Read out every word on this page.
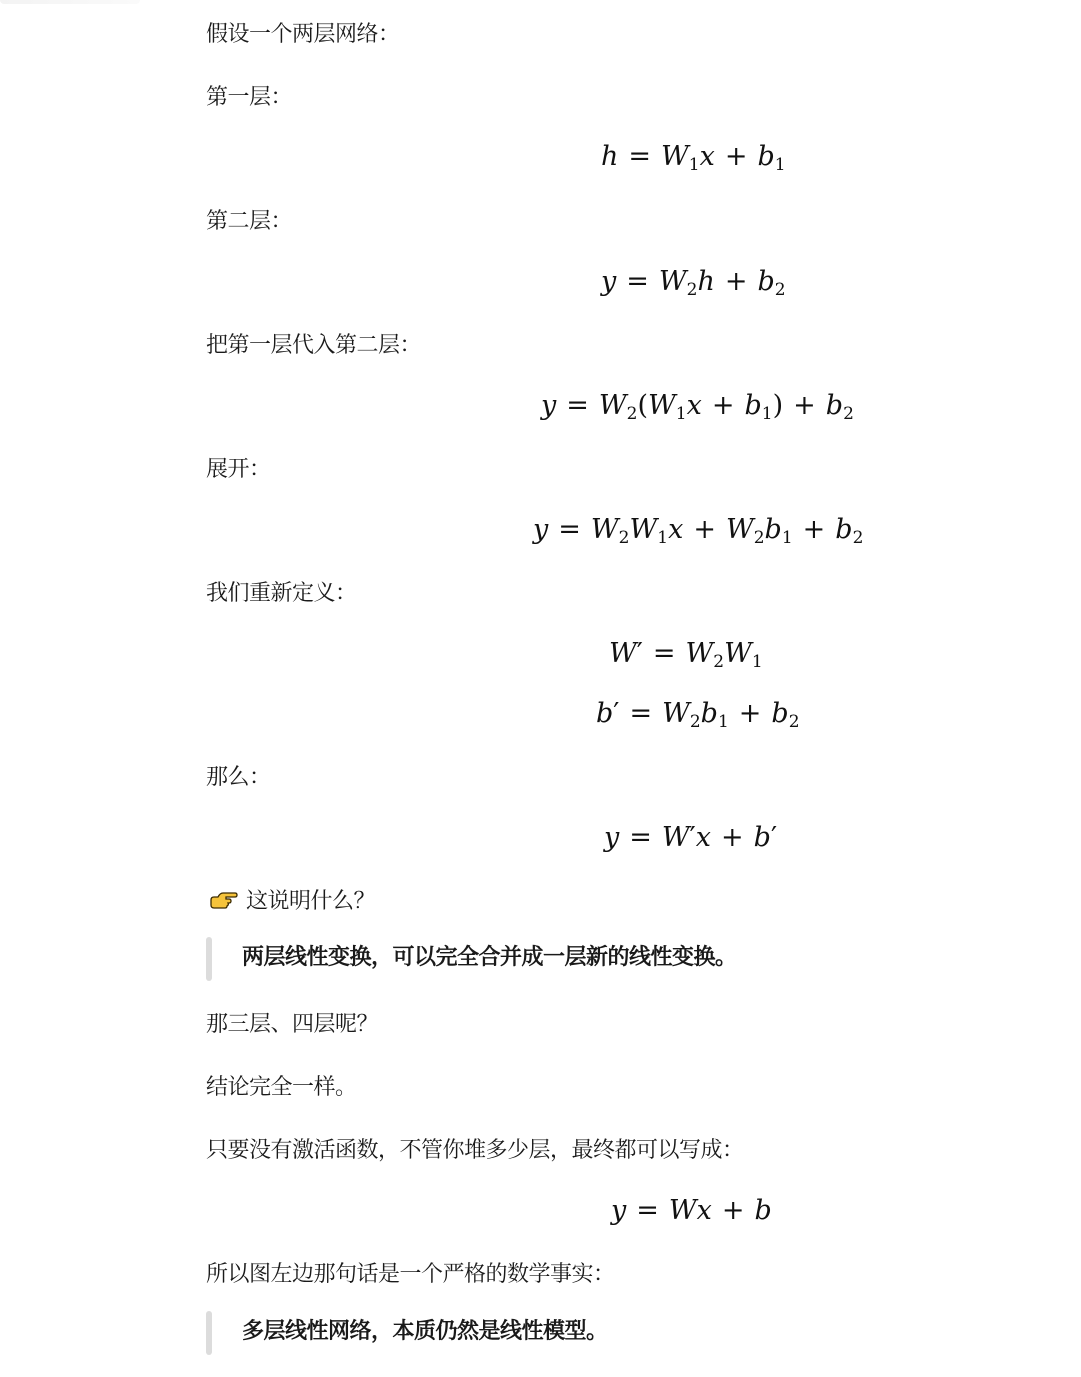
假设一个两层网络：
第一层：
$h = W_1x + b_1$
第二层：
$y = W_2h + b_2$
把第一层代入第二层：
$y = W_2(W_1x + b_1) + b_2$
展开：
$y = W_2W_1x + W_2b_1 + b_2$
我们重新定义：
$W' = W_2W_1$
$b' = W_2b_1 + b_2$
那么：
y = W′x + b′
这说明什么？
两层线性变换，可以完全合并成一层新的线性变换。
那三层、四层呢？
结论完全一样。
只要没有激活函数，不管你堆多少层，最终都可以写成：
y = Wx + b
所以图左边那句话是一个严格的数学事实：
多层线性网络，本质仍然是线性模型。
